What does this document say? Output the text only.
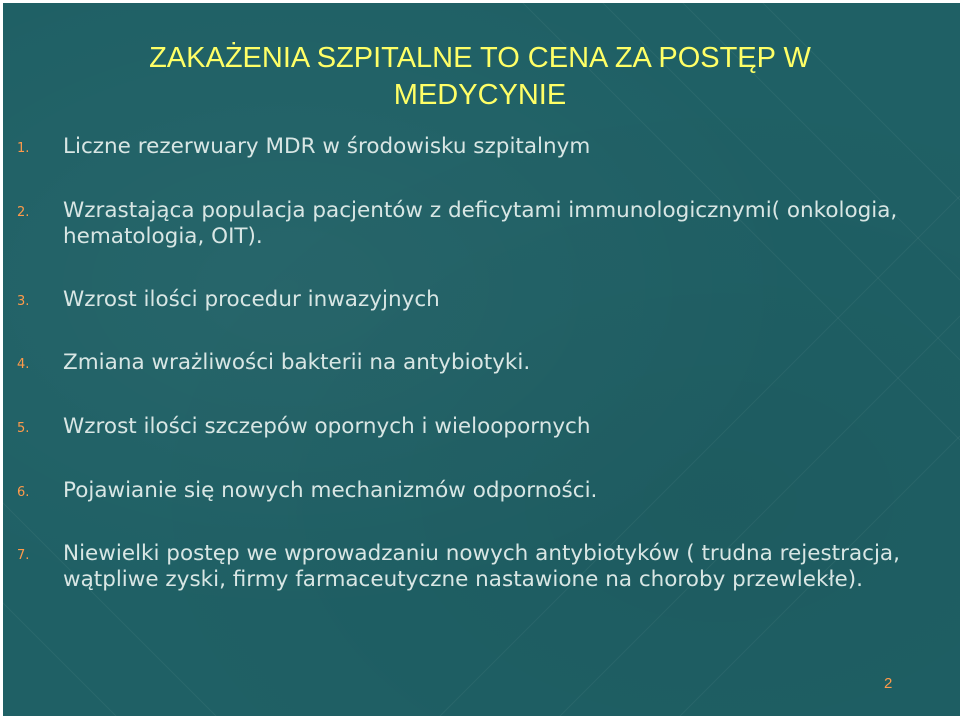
ZAKAŻENIA SZPITALNE TO CENA ZA POSTĘP W MEDYCYNIE
1. Liczne rezerwuary MDR w środowisku szpitalnym
2. Wzrastająca populacja pacjentów z deficytami immunologicznymi( onkologia, hematologia, OIT).
3. Wzrost ilości procedur inwazyjnych
4. Zmiana wrażliwości bakterii na antybiotyki.
5. Wzrost ilości szczepów opornych i wieloopornych
6. Pojawianie się nowych mechanizmów odporności.
7. Niewielki postęp we wprowadzaniu nowych antybiotyków ( trudna rejestracja, wątpliwe zyski, firmy farmaceutyczne nastawione na choroby przewlekłe).
2
